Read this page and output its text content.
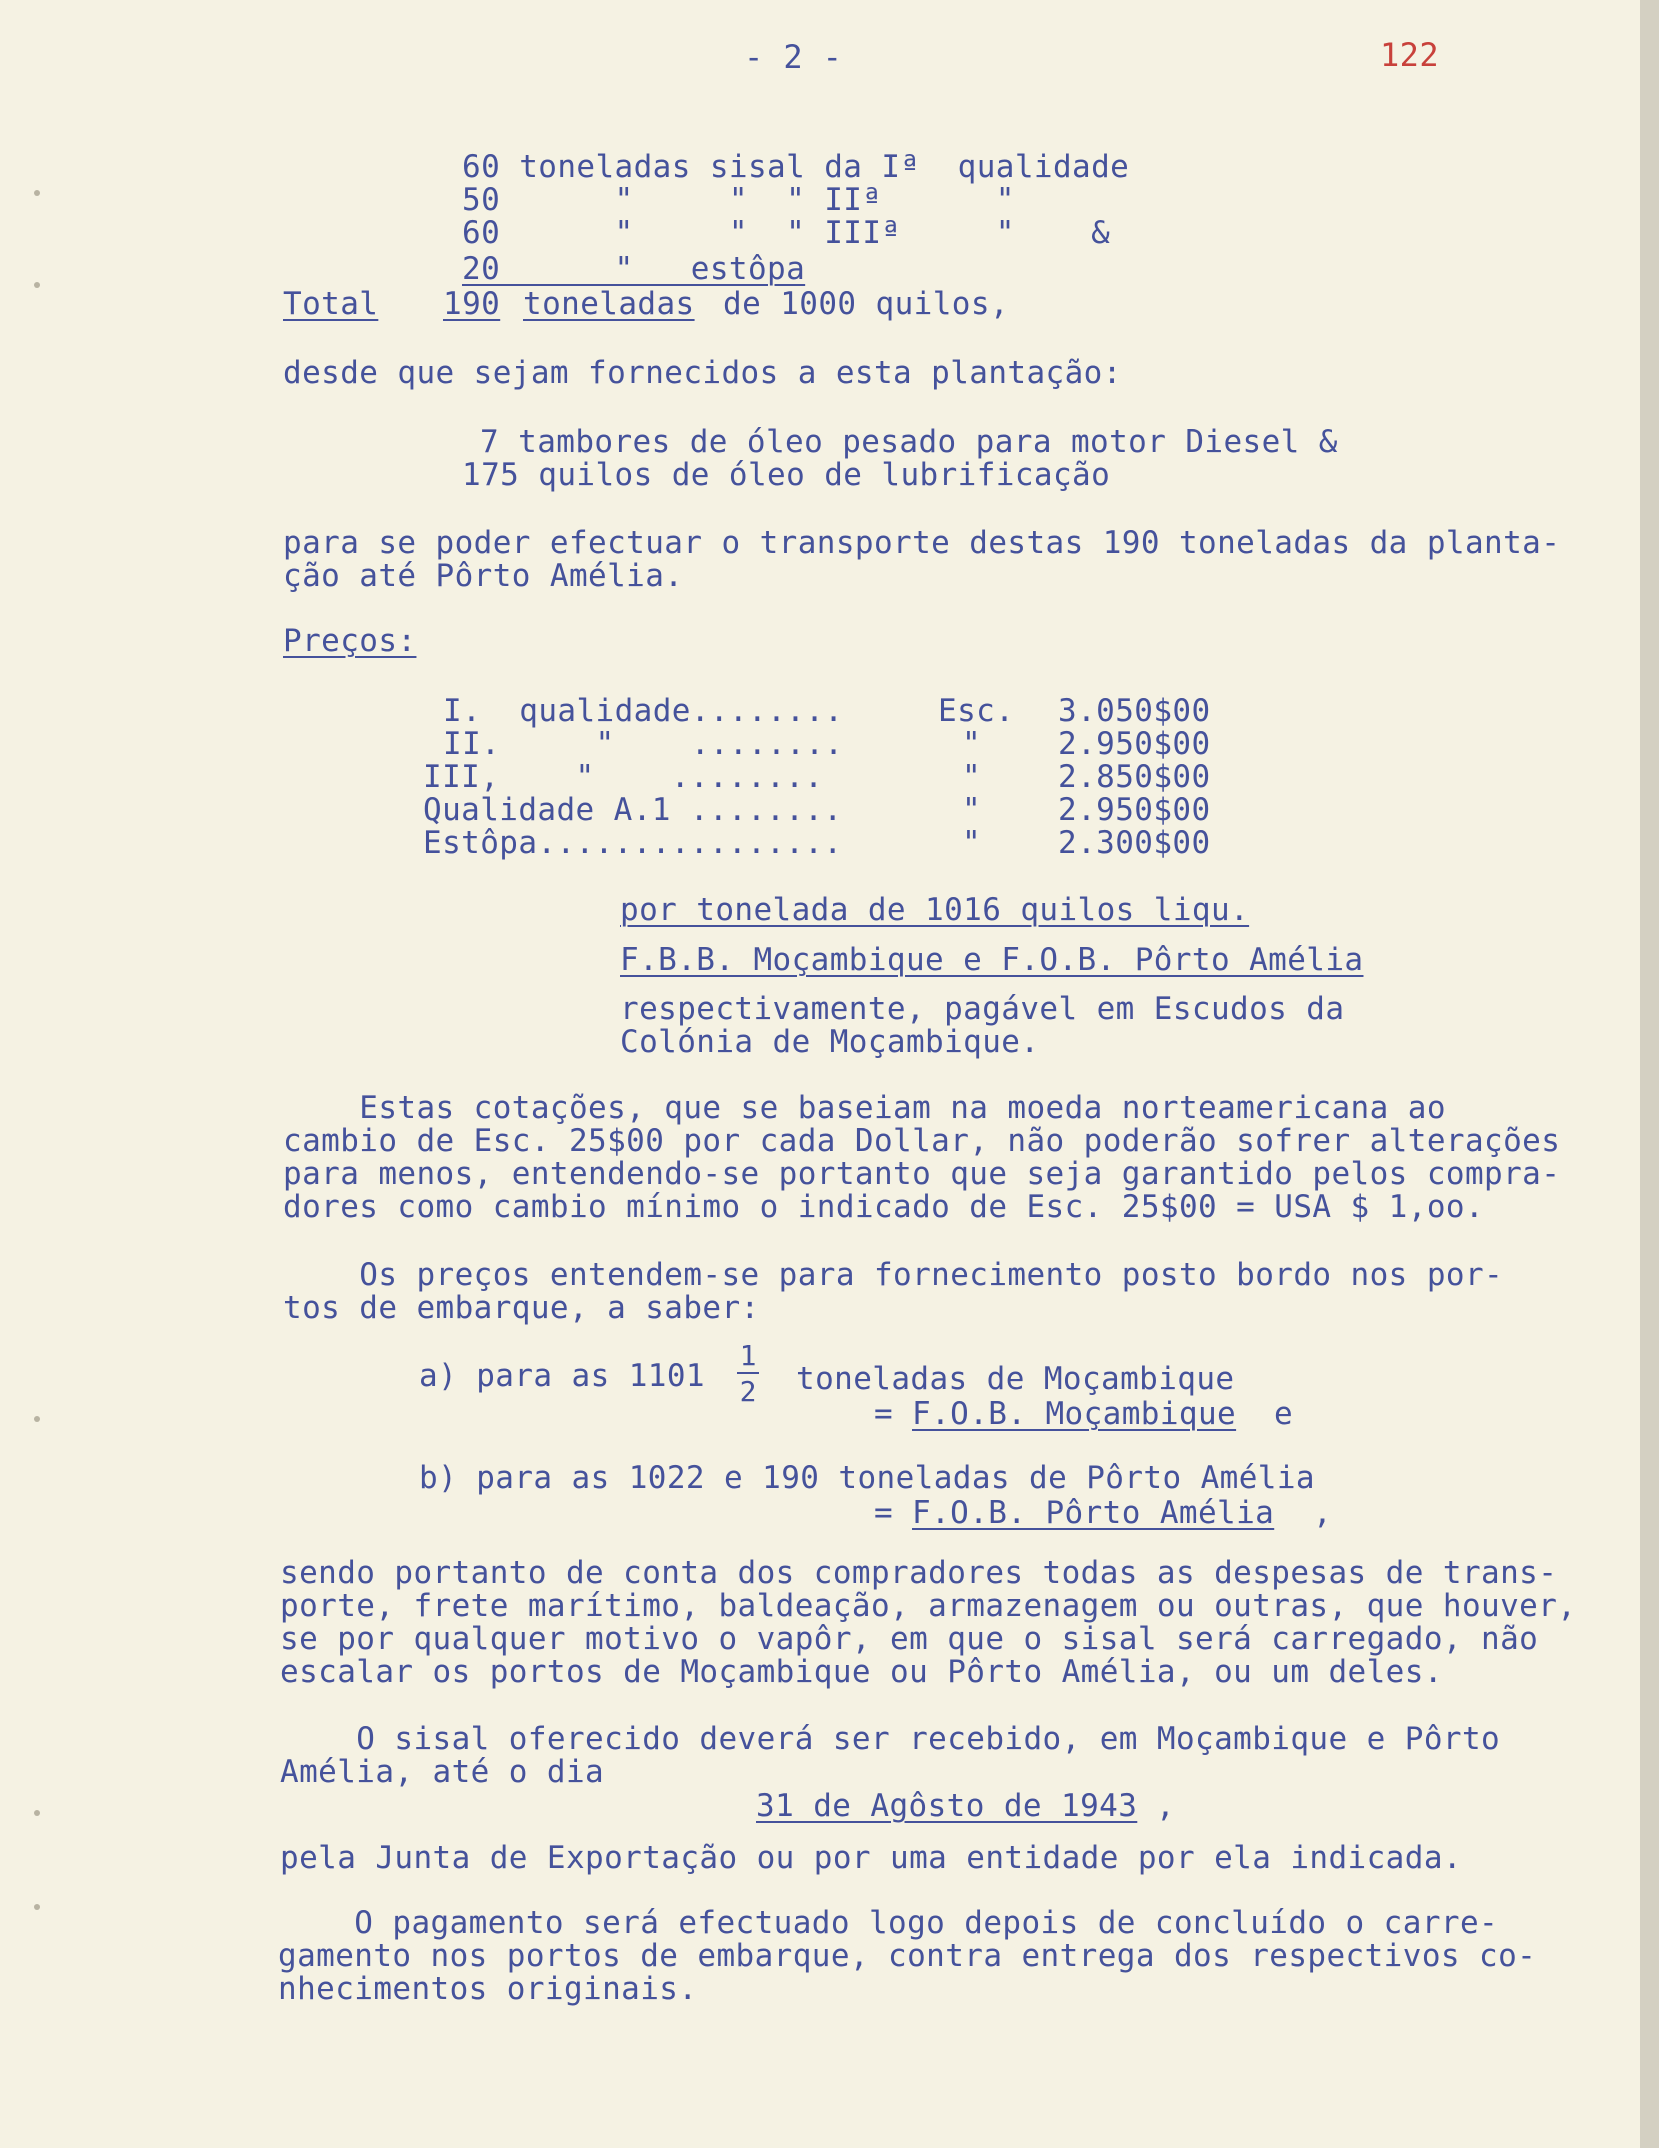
- 2 -	122
60 toneladas sisal da Iª  qualidade
50      "     "  " IIª      "
60      "     "  " IIIª     "    &
20      "   estôpa
Total 190 toneladas de 1000 quilos,
desde que sejam fornecidos a esta plantação:
7 tambores de óleo pesado para motor Diesel &
175 quilos de óleo de lubrificação
para se poder efectuar o transporte destas 190 toneladas da planta-
ção até Pôrto Amélia.
Preços:
I.  qualidade........	Esc. 3.050$00
II.     "    ........	" 2.950$00
III,    "    ........	" 2.850$00
Qualidade A.1 ........	" 2.950$00
Estôpa................	" 2.300$00
por tonelada de 1016 quilos liqu.
F.B.B. Moçambique e F.O.B. Pôrto Amélia
respectivamente, pagável em Escudos da
Colónia de Moçambique.
Estas cotações, que se baseiam na moeda norteamericana ao
cambio de Esc. 25$00 por cada Dollar, não poderão sofrer alterações
para menos, entendendo-se portanto que seja garantido pelos compra-
dores como cambio mínimo o indicado de Esc. 25$00 = USA $ 1,oo.
Os preços entendem-se para fornecimento posto bordo nos por-
tos de embarque, a saber:
a) para as 1101
1
2 toneladas de Moçambique
= F.O.B. Moçambique e
b) para as 1022 e 190 toneladas de Pôrto Amélia
= F.O.B. Pôrto Amélia ,
sendo portanto de conta dos compradores todas as despesas de trans-
porte, frete marítimo, baldeação, armazenagem ou outras, que houver,
se por qualquer motivo o vapôr, em que o sisal será carregado, não
escalar os portos de Moçambique ou Pôrto Amélia, ou um deles.
O sisal oferecido deverá ser recebido, em Moçambique e Pôrto
Amélia, até o dia
31 de Agôsto de 1943 ,
pela Junta de Exportação ou por uma entidade por ela indicada.
O pagamento será efectuado logo depois de concluído o carre-
gamento nos portos de embarque, contra entrega dos respectivos co-
nhecimentos originais.
